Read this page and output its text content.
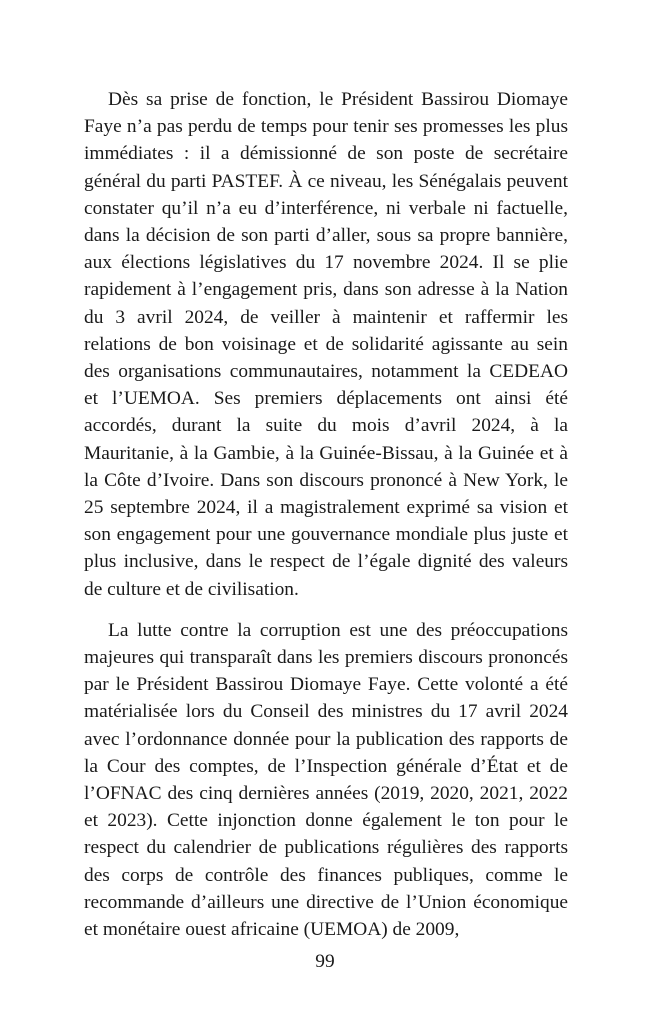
Dès sa prise de fonction, le Président Bassirou Diomaye Faye n’a pas perdu de temps pour tenir ses promesses les plus immédiates : il a démissionné de son poste de secrétaire général du parti PASTEF. À ce niveau, les Sénégalais peuvent constater qu’il n’a eu d’interférence, ni verbale ni factuelle, dans la décision de son parti d’aller, sous sa propre bannière, aux élections législatives du 17 novembre 2024. Il se plie rapidement à l’engagement pris, dans son adresse à la Nation du 3 avril 2024, de veiller à maintenir et raffermir les relations de bon voisinage et de solidarité agissante au sein des organisations communautaires, notamment la CEDEAO et l’UEMOA. Ses premiers déplacements ont ainsi été accordés, durant la suite du mois d’avril 2024, à la Mauritanie, à la Gambie, à la Guinée-Bissau, à la Guinée et à la Côte d’Ivoire. Dans son discours prononcé à New York, le 25 septembre 2024, il a magistralement exprimé sa vision et son engagement pour une gouvernance mondiale plus juste et plus inclusive, dans le respect de l’égale dignité des valeurs de culture et de civilisation.

La lutte contre la corruption est une des préoccupations majeures qui transparaît dans les premiers discours prononcés par le Président Bassirou Diomaye Faye. Cette volonté a été matérialisée lors du Conseil des ministres du 17 avril 2024 avec l’ordonnance donnée pour la publication des rapports de la Cour des comptes, de l’Inspection générale d’État et de l’OFNAC des cinq dernières années (2019, 2020, 2021, 2022 et 2023). Cette injonction donne également le ton pour le respect du calendrier de publications régulières des rapports des corps de contrôle des finances publiques, comme le recommande d’ailleurs une directive de l’Union économique et monétaire ouest africaine (UEMOA) de 2009,

99
